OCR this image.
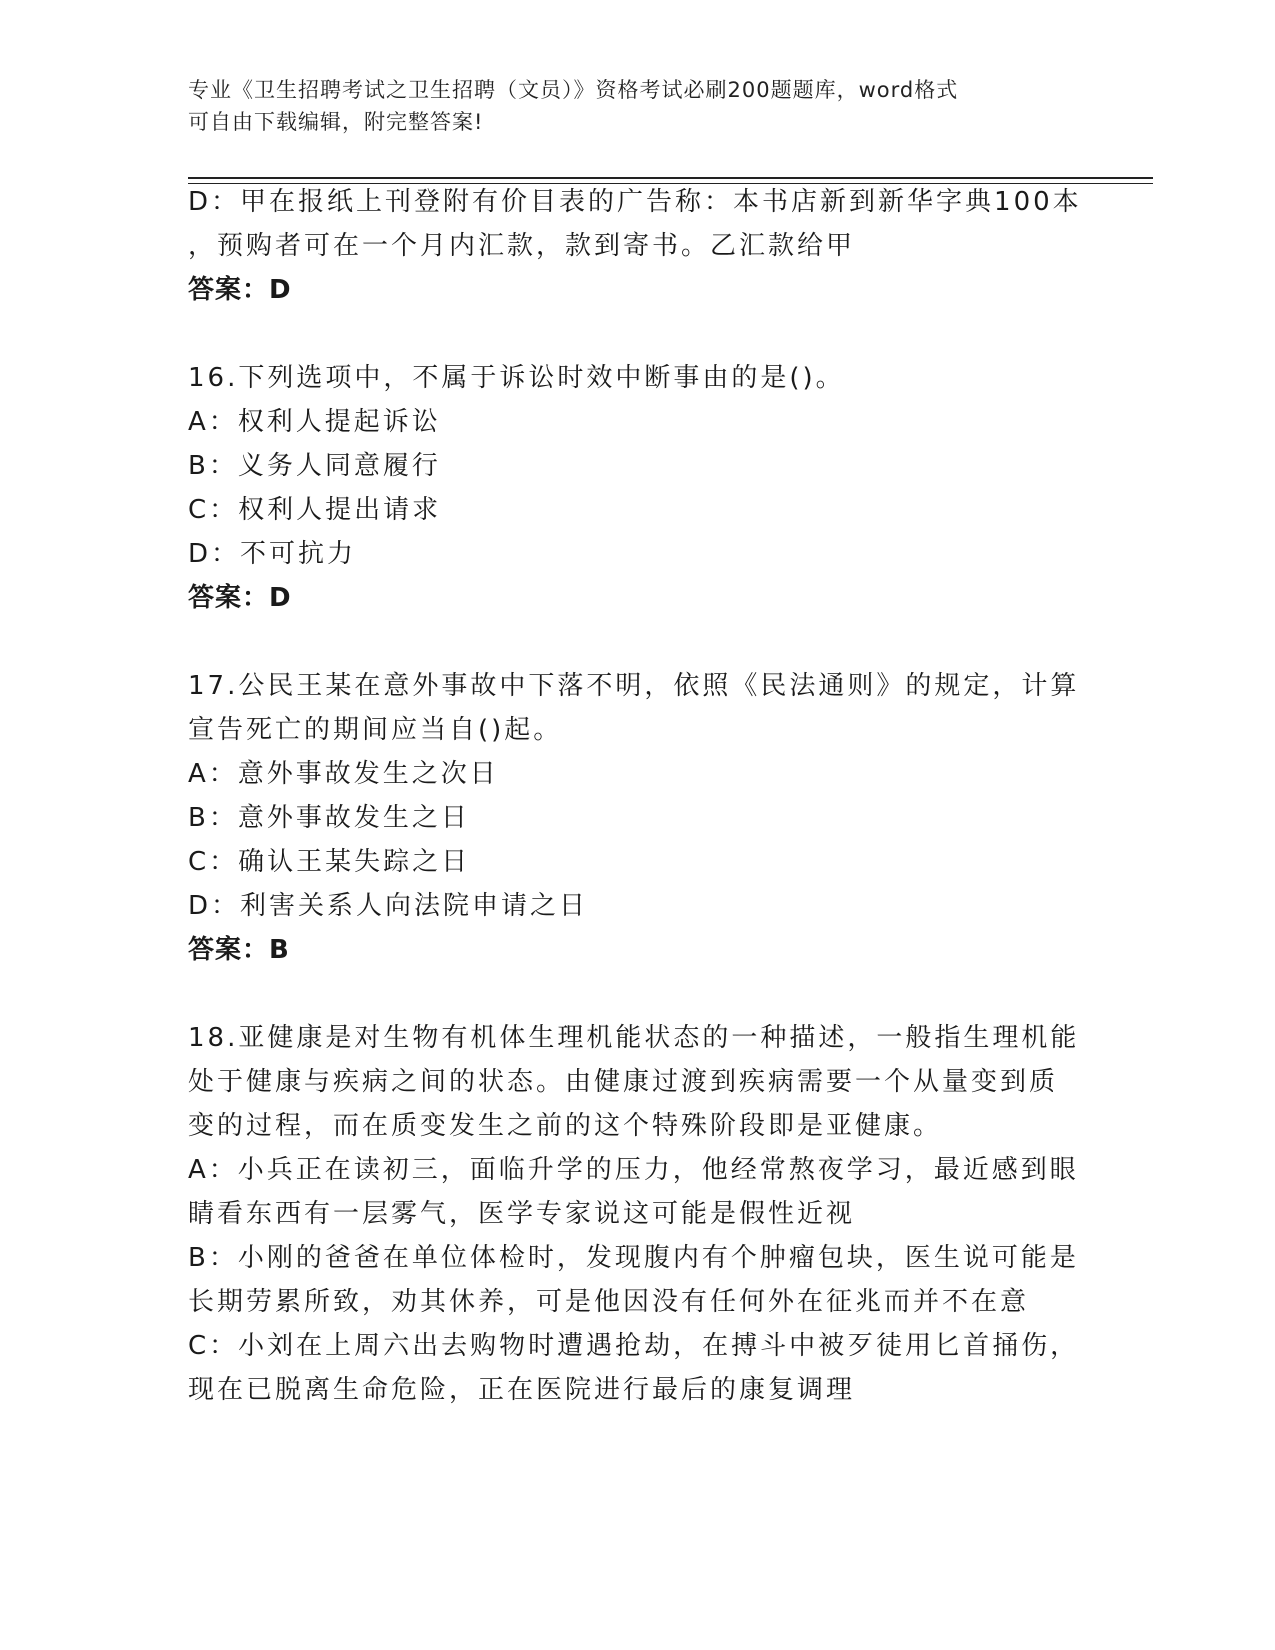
专业《卫生招聘考试之卫生招聘（文员）》资格考试必刷200题题库，word格式
可自由下载编辑，附完整答案!
D：甲在报纸上刊登附有价目表的广告称：本书店新到新华字典100本
，预购者可在一个月内汇款，款到寄书。乙汇款给甲
答案：D
16.下列选项中，不属于诉讼时效中断事由的是()。
A：权利人提起诉讼
B：义务人同意履行
C：权利人提出请求
D：不可抗力
答案：D
17.公民王某在意外事故中下落不明，依照《民法通则》的规定，计算
宣告死亡的期间应当自()起。
A：意外事故发生之次日
B：意外事故发生之日
C：确认王某失踪之日
D：利害关系人向法院申请之日
答案：B
18.亚健康是对生物有机体生理机能状态的一种描述，一般指生理机能
处于健康与疾病之间的状态。由健康过渡到疾病需要一个从量变到质
变的过程，而在质变发生之前的这个特殊阶段即是亚健康。
A：小兵正在读初三，面临升学的压力，他经常熬夜学习，最近感到眼
睛看东西有一层雾气，医学专家说这可能是假性近视
B：小刚的爸爸在单位体检时，发现腹内有个肿瘤包块，医生说可能是
长期劳累所致，劝其休养，可是他因没有任何外在征兆而并不在意
C：小刘在上周六出去购物时遭遇抢劫，在搏斗中被歹徒用匕首捅伤，
现在已脱离生命危险，正在医院进行最后的康复调理
